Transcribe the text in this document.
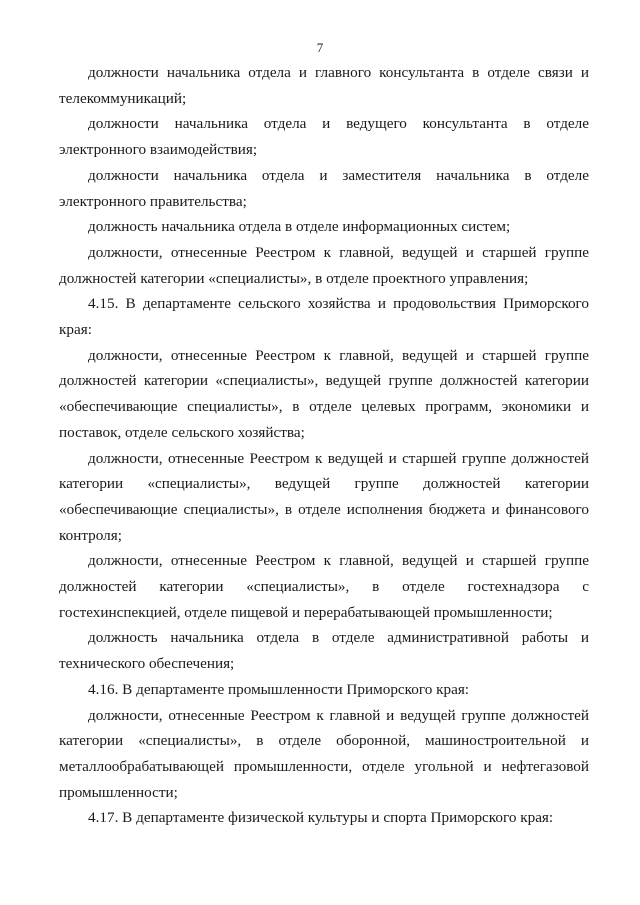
7

должности начальника отдела и главного консультанта в отделе связи и телекоммуникаций;

должности начальника отдела и ведущего консультанта в отделе электронного взаимодействия;

должности начальника отдела и заместителя начальника в отделе электронного правительства;

должность начальника отдела в отделе информационных систем;

должности, отнесенные Реестром к главной, ведущей и старшей группе должностей категории «специалисты», в отделе проектного управления;

4.15. В департаменте сельского хозяйства и продовольствия Приморского края:

должности, отнесенные Реестром к главной, ведущей и старшей группе должностей категории «специалисты», ведущей группе должностей категории «обеспечивающие специалисты», в отделе целевых программ, экономики и поставок, отделе сельского хозяйства;

должности, отнесенные Реестром к ведущей и старшей группе должностей категории «специалисты», ведущей группе должностей категории «обеспечивающие специалисты», в отделе исполнения бюджета и финансового контроля;

должности, отнесенные Реестром к главной, ведущей и старшей группе должностей категории «специалисты», в отделе гостехнадзора с гостехинспекцией, отделе пищевой и перерабатывающей промышленности;

должность начальника отдела в отделе административной работы и технического обеспечения;

4.16. В департаменте промышленности Приморского края:

должности, отнесенные Реестром к главной и ведущей группе должностей категории «специалисты», в отделе оборонной, машиностроительной и металлообрабатывающей промышленности, отделе угольной и нефтегазовой промышленности;

4.17. В департаменте физической культуры и спорта Приморского края:
